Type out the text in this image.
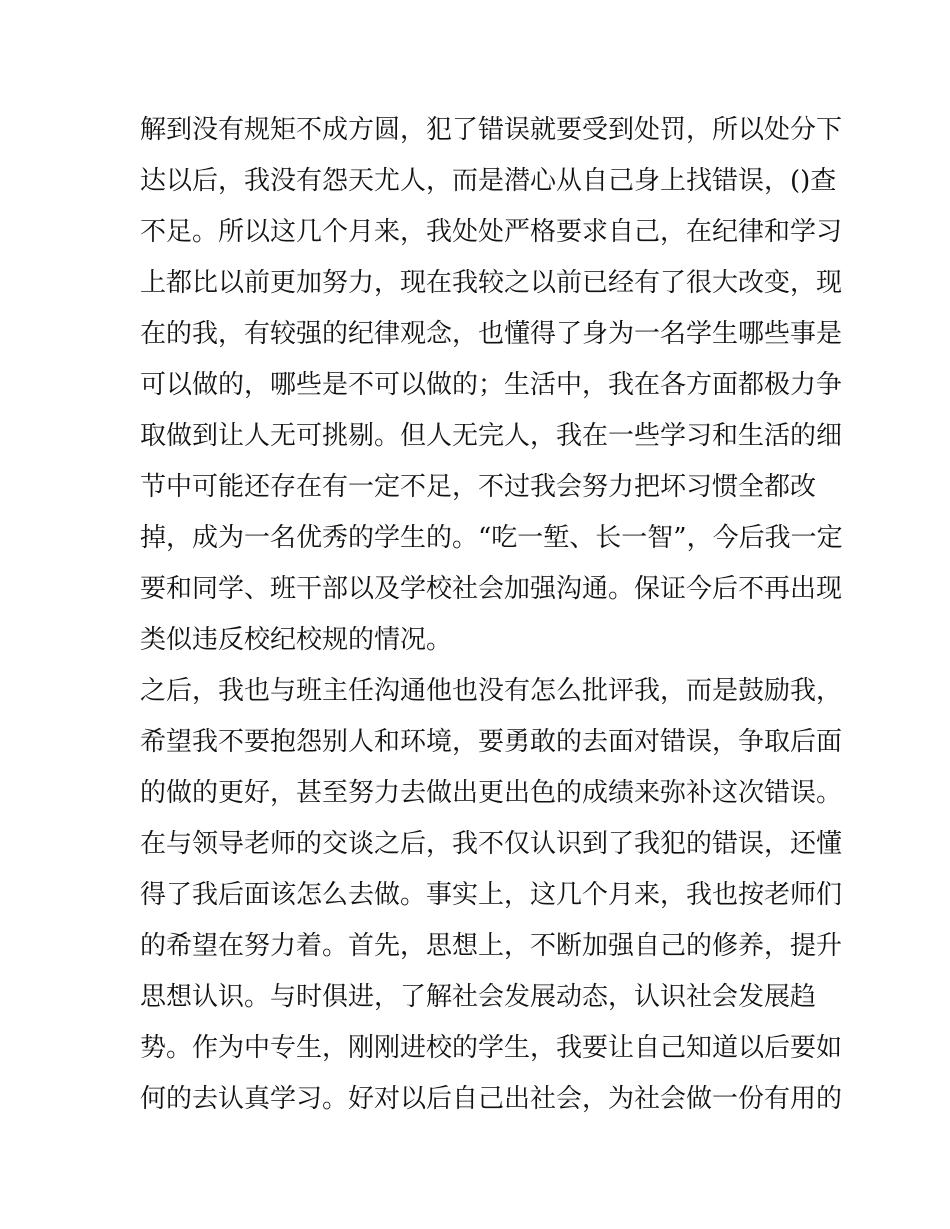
解到没有规矩不成方圆，犯了错误就要受到处罚，所以处分下
达以后，我没有怨天尤人，而是潜心从自己身上找错误，()查
不足。所以这几个月来，我处处严格要求自己，在纪律和学习
上都比以前更加努力，现在我较之以前已经有了很大改变，现
在的我，有较强的纪律观念，也懂得了身为一名学生哪些事是
可以做的，哪些是不可以做的；生活中，我在各方面都极力争
取做到让人无可挑剔。但人无完人，我在一些学习和生活的细
节中可能还存在有一定不足，不过我会努力把坏习惯全都改
掉，成为一名优秀的学生的。“吃一堑、长一智”，今后我一定
要和同学、班干部以及学校社会加强沟通。保证今后不再出现
类似违反校纪校规的情况。
之后，我也与班主任沟通他也没有怎么批评我，而是鼓励我，
希望我不要抱怨别人和环境，要勇敢的去面对错误，争取后面
的做的更好，甚至努力去做出更出色的成绩来弥补这次错误。
在与领导老师的交谈之后，我不仅认识到了我犯的错误，还懂
得了我后面该怎么去做。事实上，这几个月来，我也按老师们
的希望在努力着。首先，思想上，不断加强自己的修养，提升
思想认识。与时俱进，了解社会发展动态，认识社会发展趋
势。作为中专生，刚刚进校的学生，我要让自己知道以后要如
何的去认真学习。好对以后自己出社会，为社会做一份有用的
